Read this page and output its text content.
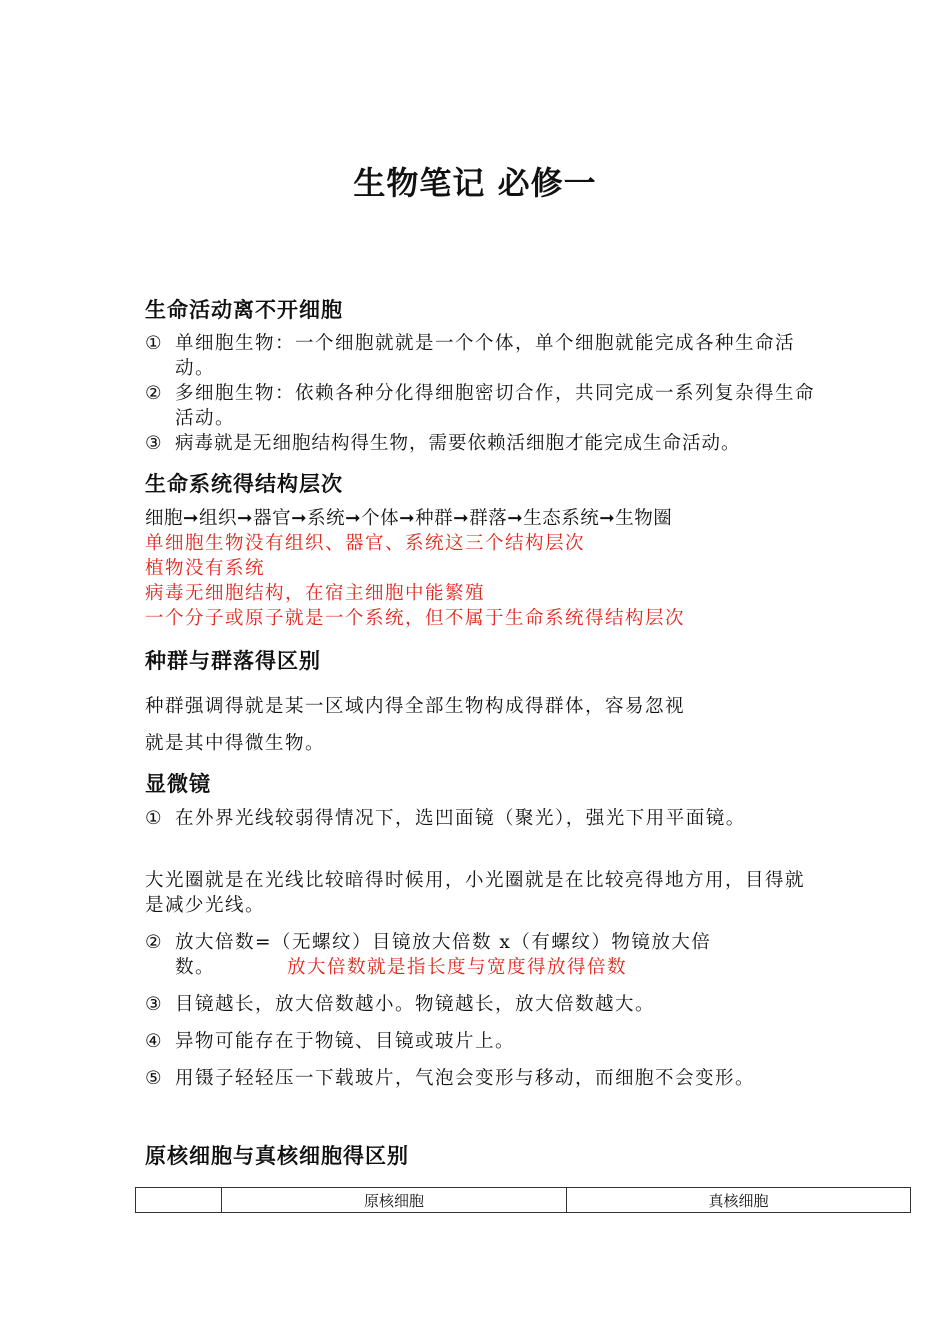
生物笔记 必修一
生命活动离不开细胞
① 单细胞生物：一个细胞就就是一个个体，单个细胞就能完成各种生命活动。
② 多细胞生物：依赖各种分化得细胞密切合作，共同完成一系列复杂得生命活动。
③ 病毒就是无细胞结构得生物，需要依赖活细胞才能完成生命活动。
生命系统得结构层次
细胞➞组织➞器官➞系统➞个体➞种群➞群落➞生态系统➞生物圈
单细胞生物没有组织、器官、系统这三个结构层次
植物没有系统
病毒无细胞结构，在宿主细胞中能繁殖
一个分子或原子就是一个系统，但不属于生命系统得结构层次
种群与群落得区别
种群强调得就是某一区域内得全部生物构成得群体，容易忽视
就是其中得微生物。
显微镜
① 在外界光线较弱得情况下，选凹面镜（聚光），强光下用平面镜。
大光圈就是在光线比较暗得时候用，小光圈就是在比较亮得地方用，目得就是减少光线。
② 放大倍数=（无螺纹）目镜放大倍数 x（有螺纹）物镜放大倍
数。	放大倍数就是指长度与宽度得放得倍数
③ 目镜越长，放大倍数越小。物镜越长，放大倍数越大。
④ 异物可能存在于物镜、目镜或玻片上。
⑤ 用镊子轻轻压一下载玻片，气泡会变形与移动，而细胞不会变形。
原核细胞与真核细胞得区别
	原核细胞	真核细胞
